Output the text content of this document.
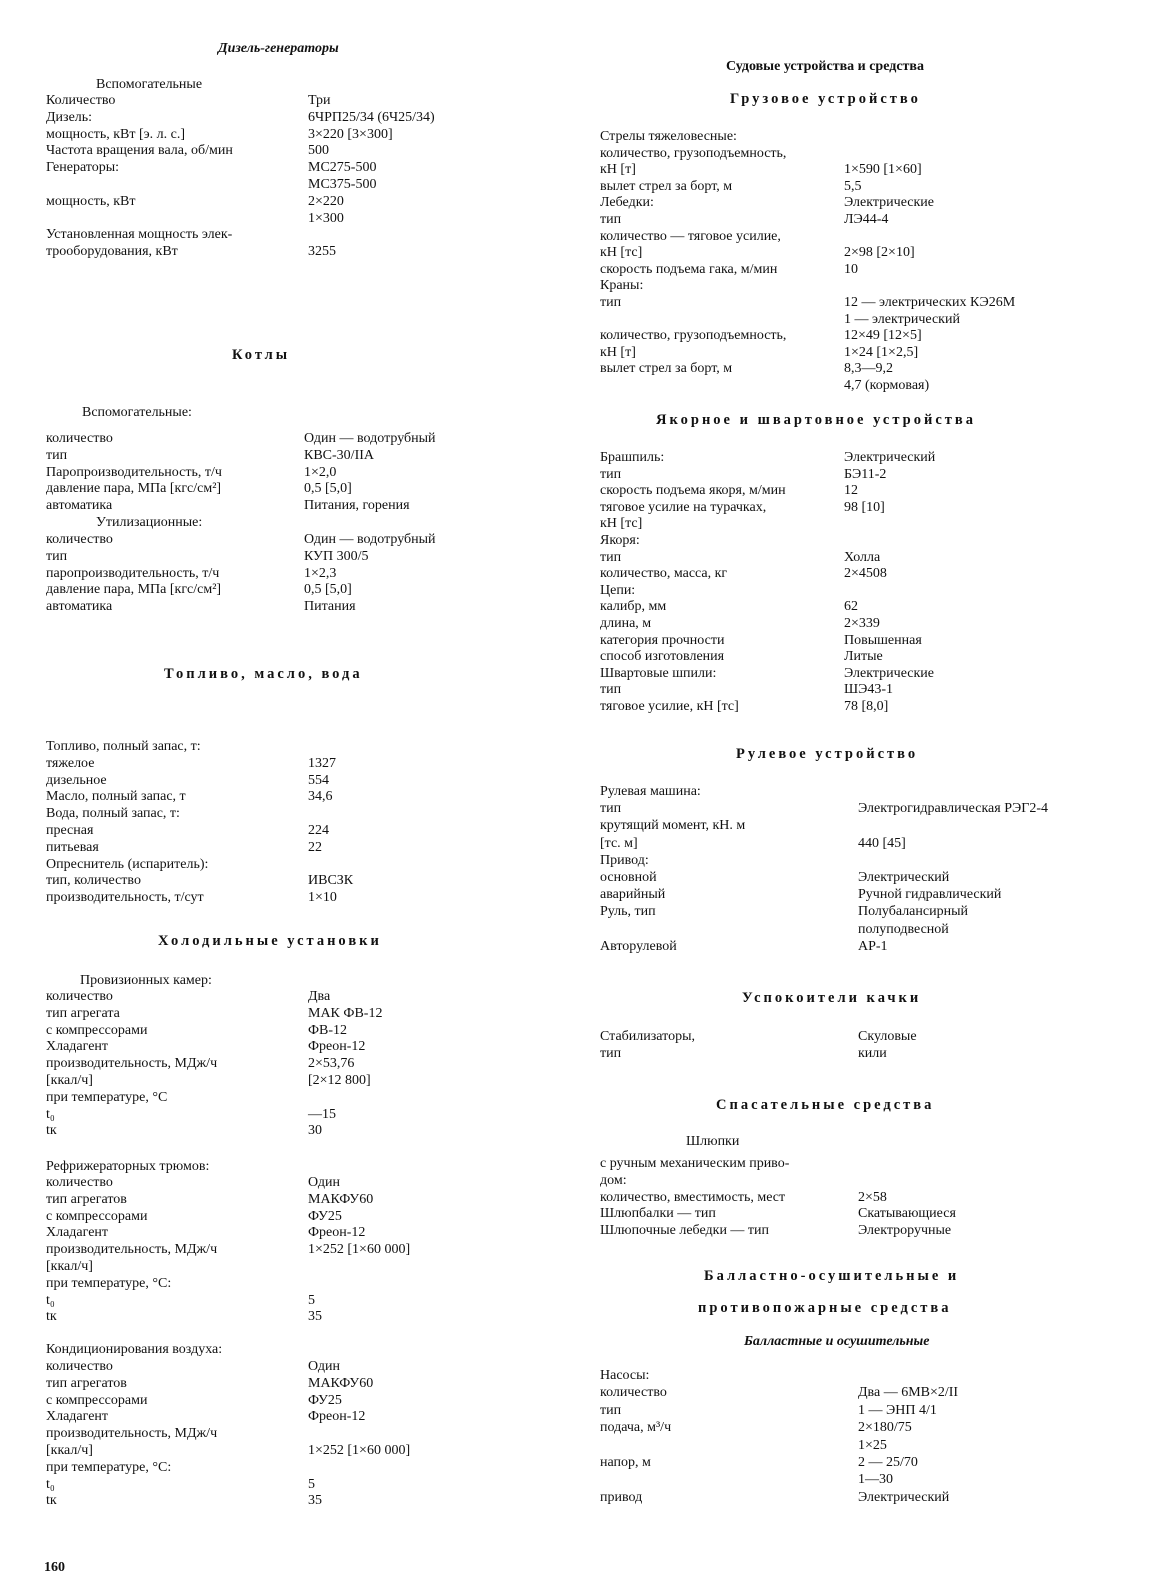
Дизель-генераторы
Вспомогательные
Котлы
Вспомогательные:
Утилизационные:
Топливо, масло, вода
Холодильные установки
Провизионных камер:
Рефрижераторных трюмов:
Кондиционирования воздуха:
Количество	Три
Дизель:	6ЧРП25/34 (6Ч25/34)
мощность, кВт [э. л. с.]	3×220 [3×300]
Частота вращения вала, об/мин	500
Генераторы:	МС275-500
МС375-500
мощность, кВт	2×220
1×300
Установленная мощность элек-
трооборудования, кВт	3255
количество	Один — водотрубный
тип	КВС-30/IIА
Паропроизводительность, т/ч	1×2,0
давление пара, МПа [кгс/см²]	0,5 [5,0]
автоматика	Питания, горения
количество	Один — водотрубный
тип	КУП 300/5
паропроизводительность, т/ч	1×2,3
давление пара, МПа [кгс/см²]	0,5 [5,0]
автоматика	Питания
Топливо, полный запас, т:
тяжелое	1327
дизельное	554
Масло, полный запас, т	34,6
Вода, полный запас, т:
пресная	224
питьевая	22
Опреснитель (испаритель):
тип, количество	ИВСЗК
производительность, т/сут	1×10
количество	Два
тип агрегата	МАК ФВ-12
с компрессорами	ФВ-12
Хладагент	Фреон-12
производительность, МДж/ч	2×53,76
[ккал/ч]	[2×12 800]
при температуре, °С
t₀	—15
tк	30
количество	Один
тип агрегатов	МАКФУ60
с компрессорами	ФУ25
Хладагент	Фреон-12
производительность, МДж/ч	1×252 [1×60 000]
[ккал/ч]
при температуре, °С:
t₀	5
tк	35
количество	Один
тип агрегатов	МАКФУ60
с компрессорами	ФУ25
Хладагент	Фреон-12
производительность, МДж/ч
[ккал/ч]	1×252 [1×60 000]
при температуре, °С:
t₀	5
tк	35
160
Судовые устройства и средства
Грузовое устройство
Якорное и швартовное устройства
Рулевое устройство
Успокоители качки
Спасательные средства
Шлюпки
Балластно-осушительные и
противопожарные средства
Балластные и осушительные
Стрелы тяжеловесные:
количество, грузоподъемность,
кН [т]	1×590 [1×60]
вылет стрел за борт, м	5,5
Лебедки:	Электрические
тип	ЛЭ44-4
количество — тяговое усилие,
кН [тс]	2×98 [2×10]
скорость подъема гака, м/мин	10
Краны:
тип	12 — электрических КЭ26М
1 — электрический
количество, грузоподъемность,	12×49 [12×5]
кН [т]	1×24 [1×2,5]
вылет стрел за борт, м	8,3—9,2
4,7 (кормовая)
Брашпиль:	Электрический
тип	БЭ11-2
скорость подъема якоря, м/мин	12
тяговое усилие на турачках,	98 [10]
кН [тс]
Якоря:
тип	Холла
количество, масса, кг	2×4508
Цепи:
калибр, мм	62
длина, м	2×339
категория прочности	Повышенная
способ изготовления	Литые
Швартовые шпили:	Электрические
тип	ШЭ43-1
тяговое усилие, кН [тс]	78 [8,0]
Рулевая машина:
тип	Электрогидравлическая РЭГ2-4
крутящий момент, кН. м
[тс. м]	440 [45]
Привод:
основной	Электрический
аварийный	Ручной гидравлический
Руль, тип	Полубалансирный
полуподвесной
Авторулевой	АР-1
Стабилизаторы,	Скуловые
тип	кили
с ручным механическим приво-
дом:
количество, вместимость, мест	2×58
Шлюпбалки — тип	Скатывающиеся
Шлюпочные лебедки — тип	Электроручные
Насосы:
количество	Два — 6МВ×2/II
тип	1 — ЭНП 4/1
подача, м³/ч	2×180/75
1×25
напор, м	2 — 25/70
1—30
привод	Электрический
